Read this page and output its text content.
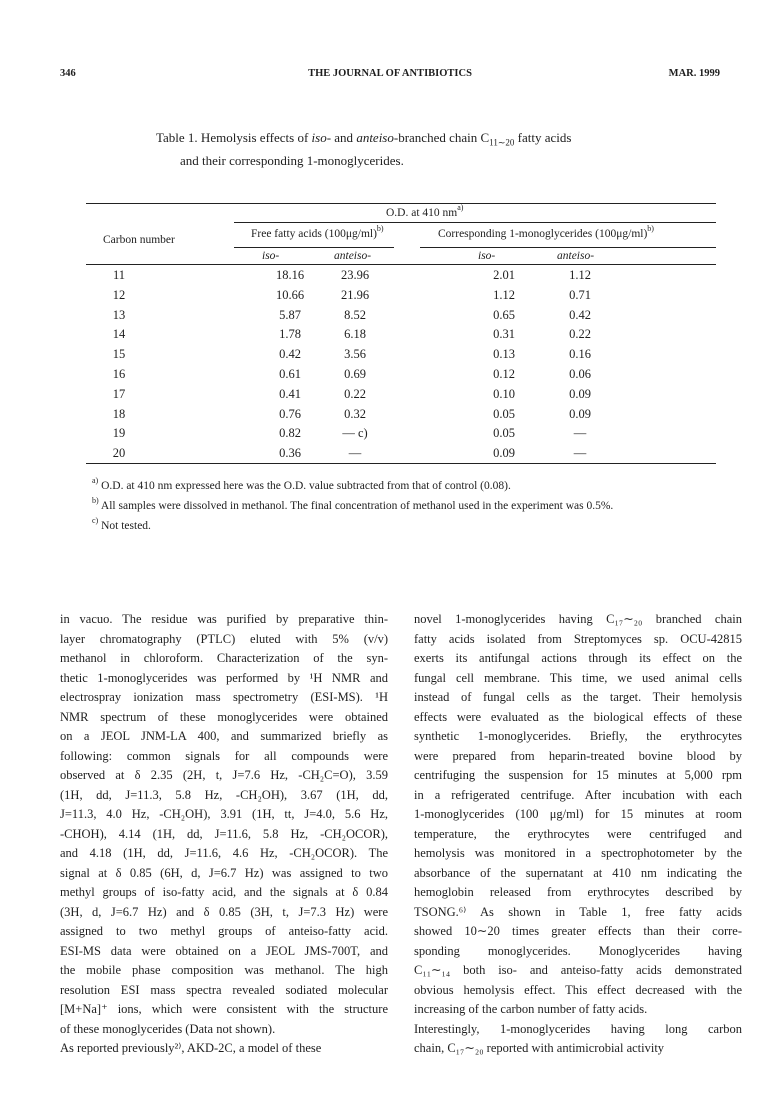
346	THE JOURNAL OF ANTIBIOTICS	MAR. 1999
Table 1. Hemolysis effects of iso- and anteiso-branched chain $C_{11\sim 20}$ fatty acids
and their corresponding 1-monoglycerides.
O.D. at 410 $nm^{a)}$
Carbon number	Free fatty acids $(100\mu g/ml)^{b)}$	Corresponding 1-monoglycerides $(100\mu g/ml)^{b)}$
iso-	anteiso-	iso-	anteiso-
11	18.16	23.96	2.01	1.12
12	10.66	21.96	1.12	0.71
13	5.87	8.52	0.65	0.42
14	1.78	6.18	0.31	0.22
15	0.42	3.56	0.13	0.16
16	0.61	0.69	0.12	0.06
17	0.41	0.22	0.10	0.09
18	0.76	0.32	0.05	0.09
19	0.82	— c)	0.05	—
20	0.36	—	0.09	—
$^{a)}$ O.D. at 410 nm expressed here was the O.D. value subtracted from that of control (0.08).
$^{b)}$ All samples were dissolved in methanol. The final concentration of methanol used in the experiment was 0.5%.
$^{c)}$ Not tested.
in vacuo. The residue was purified by preparative thin-
layer chromatography (PTLC) eluted with 5% (v/v)
methanol in chloroform. Characterization of the syn-
thetic 1-monoglycerides was performed by ¹H NMR and
electrospray ionization mass spectrometry (ESI-MS). ¹H
NMR spectrum of these monoglycerides were obtained
on a JEOL JNM-LA 400, and summarized briefly as
following: common signals for all compounds were
observed at δ 2.35 (2H, t, J=7.6 Hz, -CH₂C=O), 3.59
(1H, dd, J=11.3, 5.8 Hz, -CH₂OH), 3.67 (1H, dd,
J=11.3, 4.0 Hz, -CH₂OH), 3.91 (1H, tt, J=4.0, 5.6 Hz,
-CHOH), 4.14 (1H, dd, J=11.6, 5.8 Hz, -CH₂OCOR),
and 4.18 (1H, dd, J=11.6, 4.6 Hz, -CH₂OCOR). The
signal at δ 0.85 (6H, d, J=6.7 Hz) was assigned to two
methyl groups of iso-fatty acid, and the signals at δ 0.84
(3H, d, J=6.7 Hz) and δ 0.85 (3H, t, J=7.3 Hz) were
assigned to two methyl groups of anteiso-fatty acid.
ESI-MS data were obtained on a JEOL JMS-700T, and
the mobile phase composition was methanol. The high
resolution ESI mass spectra revealed sodiated molecular
[M+Na]⁺ ions, which were consistent with the structure
of these monoglycerides (Data not shown).
As reported previously²⁾, AKD-2C, a model of these
novel 1-monoglycerides having C₁₇∼₂₀ branched chain
fatty acids isolated from Streptomyces sp. OCU-42815
exerts its antifungal actions through its effect on the
fungal cell membrane. This time, we used animal cells
instead of fungal cells as the target. Their hemolysis
effects were evaluated as the biological effects of these
synthetic 1-monoglycerides. Briefly, the erythrocytes
were prepared from heparin-treated bovine blood by
centrifuging the suspension for 15 minutes at 5,000 rpm
in a refrigerated centrifuge. After incubation with each
1-monoglycerides (100 μg/ml) for 15 minutes at room
temperature, the erythrocytes were centrifuged and
hemolysis was monitored in a spectrophotometer by the
absorbance of the supernatant at 410 nm indicating the
hemoglobin released from erythrocytes described by
TSONG.⁶⁾ As shown in Table 1, free fatty acids
showed 10∼20 times greater effects than their corre-
sponding monoglycerides. Monoglycerides having
C₁₁∼₁₄ both iso- and anteiso-fatty acids demonstrated
obvious hemolysis effect. This effect decreased with the
increasing of the carbon number of fatty acids.
Interestingly, 1-monoglycerides having long carbon
chain, C₁₇∼₂₀ reported with antimicrobial activity
